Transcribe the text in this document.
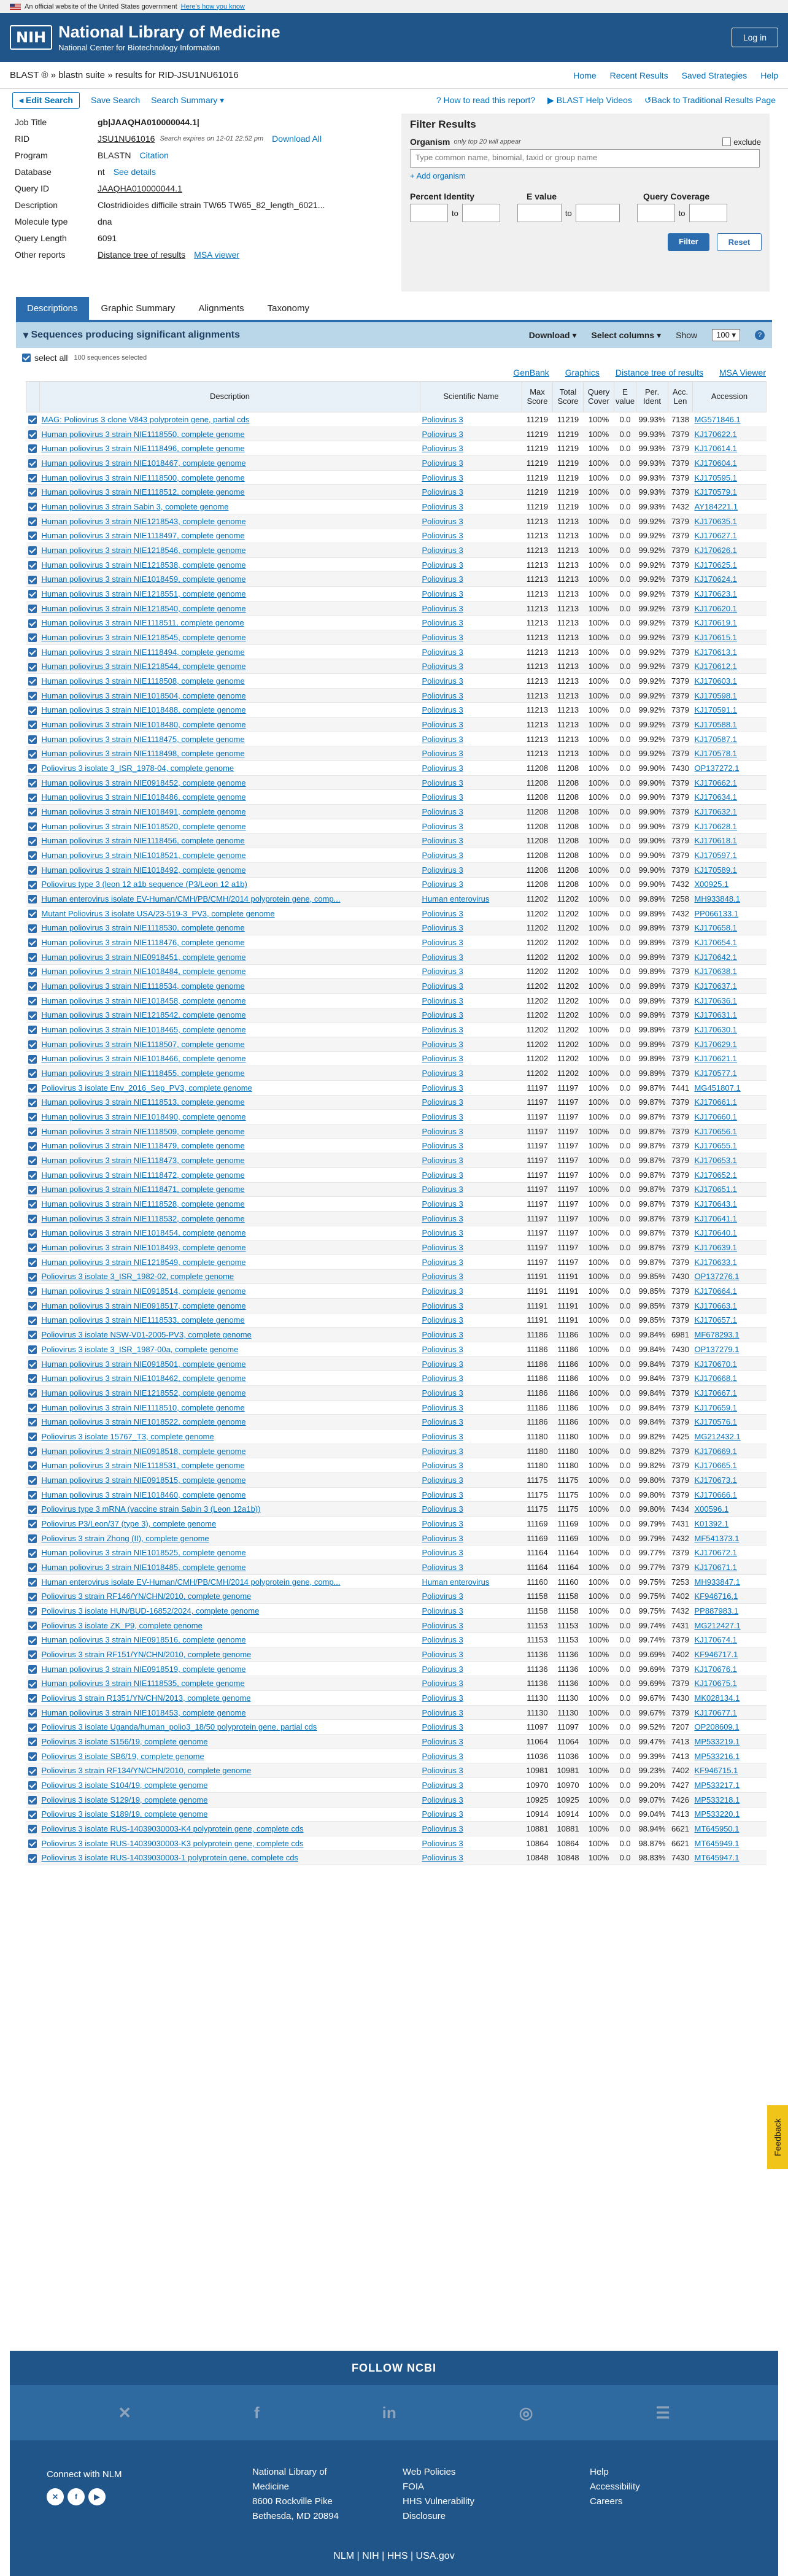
An official website of the United States government Here's how you know
NIH National Library of Medicine
National Center for Biotechnology Information
Log in
BLAST ® » blastn suite » results for RID-JSU1NU61016	Home Recent Results Saved Strategies Help
◂ Edit Search	Save Search Search Summary ▾	? How to read this report? ▶ BLAST Help Videos ↺Back to Traditional Results Page
Job Title	gb|JAAQHA010000044.1|
RID	JSU1NU61016 Search expires on 12-01 22:52 pm Download All
Program	BLASTN Citation
Database	nt See details
Query ID	JAAQHA010000044.1
Description	Clostridioides difficile strain TW65 TW65_82_length_6021...
Molecule type	dna
Query Length	6091
Other reports	Distance tree of results MSA viewer
Filter Results
Organism only top 20 will appear	exclude
Type common name, binomial, taxid or group name
+ Add organism
Percent Identity	E value	Query Coverage
to	to	to
Filter	Reset
Descriptions	Graphic Summary	Alignments	Taxonomy
▾ Sequences producing significant alignments	Download ▾ Select columns ▾ Show	100 ▾	?
select all 100 sequences selected
GenBank Graphics Distance tree of results MSA Viewer
	Description	Scientific Name	Max Score	Total Score	Query Cover	E value	Per. Ident	Acc. Len	Accession
	MAG: Poliovirus 3 clone V843 polyprotein gene, partial cds	Poliovirus 3	11219	11219	100%	0.0	99.93%	7138	MG571846.1
	Human poliovirus 3 strain NIE1118550, complete genome	Poliovirus 3	11219	11219	100%	0.0	99.93%	7379	KJ170622.1
	Human poliovirus 3 strain NIE1118496, complete genome	Poliovirus 3	11219	11219	100%	0.0	99.93%	7379	KJ170614.1
	Human poliovirus 3 strain NIE1018467, complete genome	Poliovirus 3	11219	11219	100%	0.0	99.93%	7379	KJ170604.1
	Human poliovirus 3 strain NIE1118500, complete genome	Poliovirus 3	11219	11219	100%	0.0	99.93%	7379	KJ170595.1
	Human poliovirus 3 strain NIE1118512, complete genome	Poliovirus 3	11219	11219	100%	0.0	99.93%	7379	KJ170579.1
	Human poliovirus 3 strain Sabin 3, complete genome	Poliovirus 3	11219	11219	100%	0.0	99.93%	7432	AY184221.1
	Human poliovirus 3 strain NIE1218543, complete genome	Poliovirus 3	11213	11213	100%	0.0	99.92%	7379	KJ170635.1
	Human poliovirus 3 strain NIE1118497, complete genome	Poliovirus 3	11213	11213	100%	0.0	99.92%	7379	KJ170627.1
	Human poliovirus 3 strain NIE1218546, complete genome	Poliovirus 3	11213	11213	100%	0.0	99.92%	7379	KJ170626.1
	Human poliovirus 3 strain NIE1218538, complete genome	Poliovirus 3	11213	11213	100%	0.0	99.92%	7379	KJ170625.1
	Human poliovirus 3 strain NIE1018459, complete genome	Poliovirus 3	11213	11213	100%	0.0	99.92%	7379	KJ170624.1
	Human poliovirus 3 strain NIE1218551, complete genome	Poliovirus 3	11213	11213	100%	0.0	99.92%	7379	KJ170623.1
	Human poliovirus 3 strain NIE1218540, complete genome	Poliovirus 3	11213	11213	100%	0.0	99.92%	7379	KJ170620.1
	Human poliovirus 3 strain NIE1118511, complete genome	Poliovirus 3	11213	11213	100%	0.0	99.92%	7379	KJ170619.1
	Human poliovirus 3 strain NIE1218545, complete genome	Poliovirus 3	11213	11213	100%	0.0	99.92%	7379	KJ170615.1
	Human poliovirus 3 strain NIE1118494, complete genome	Poliovirus 3	11213	11213	100%	0.0	99.92%	7379	KJ170613.1
	Human poliovirus 3 strain NIE1218544, complete genome	Poliovirus 3	11213	11213	100%	0.0	99.92%	7379	KJ170612.1
	Human poliovirus 3 strain NIE1118508, complete genome	Poliovirus 3	11213	11213	100%	0.0	99.92%	7379	KJ170603.1
	Human poliovirus 3 strain NIE1018504, complete genome	Poliovirus 3	11213	11213	100%	0.0	99.92%	7379	KJ170598.1
	Human poliovirus 3 strain NIE1018488, complete genome	Poliovirus 3	11213	11213	100%	0.0	99.92%	7379	KJ170591.1
	Human poliovirus 3 strain NIE1018480, complete genome	Poliovirus 3	11213	11213	100%	0.0	99.92%	7379	KJ170588.1
	Human poliovirus 3 strain NIE1118475, complete genome	Poliovirus 3	11213	11213	100%	0.0	99.92%	7379	KJ170587.1
	Human poliovirus 3 strain NIE1118498, complete genome	Poliovirus 3	11213	11213	100%	0.0	99.92%	7379	KJ170578.1
	Poliovirus 3 isolate 3_ISR_1978-04, complete genome	Poliovirus 3	11208	11208	100%	0.0	99.90%	7430	OP137272.1
	Human poliovirus 3 strain NIE0918452, complete genome	Poliovirus 3	11208	11208	100%	0.0	99.90%	7379	KJ170662.1
	Human poliovirus 3 strain NIE1018486, complete genome	Poliovirus 3	11208	11208	100%	0.0	99.90%	7379	KJ170634.1
	Human poliovirus 3 strain NIE1018491, complete genome	Poliovirus 3	11208	11208	100%	0.0	99.90%	7379	KJ170632.1
	Human poliovirus 3 strain NIE1018520, complete genome	Poliovirus 3	11208	11208	100%	0.0	99.90%	7379	KJ170628.1
	Human poliovirus 3 strain NIE1118456, complete genome	Poliovirus 3	11208	11208	100%	0.0	99.90%	7379	KJ170618.1
	Human poliovirus 3 strain NIE1018521, complete genome	Poliovirus 3	11208	11208	100%	0.0	99.90%	7379	KJ170597.1
	Human poliovirus 3 strain NIE1018492, complete genome	Poliovirus 3	11208	11208	100%	0.0	99.90%	7379	KJ170589.1
	Poliovirus type 3 (leon 12 a1b sequence (P3/Leon 12 a1b)	Poliovirus 3	11208	11208	100%	0.0	99.90%	7432	X00925.1
	Human enterovirus isolate EV-Human/CMH/PB/CMH/2014 polyprotein gene, comp...	Human enterovirus	11202	11202	100%	0.0	99.89%	7258	MH933848.1
	Mutant Poliovirus 3 isolate USA/23-519-3_PV3, complete genome	Poliovirus 3	11202	11202	100%	0.0	99.89%	7432	PP066133.1
	Human poliovirus 3 strain NIE1118530, complete genome	Poliovirus 3	11202	11202	100%	0.0	99.89%	7379	KJ170658.1
	Human poliovirus 3 strain NIE1118476, complete genome	Poliovirus 3	11202	11202	100%	0.0	99.89%	7379	KJ170654.1
	Human poliovirus 3 strain NIE0918451, complete genome	Poliovirus 3	11202	11202	100%	0.0	99.89%	7379	KJ170642.1
	Human poliovirus 3 strain NIE1018484, complete genome	Poliovirus 3	11202	11202	100%	0.0	99.89%	7379	KJ170638.1
	Human poliovirus 3 strain NIE1118534, complete genome	Poliovirus 3	11202	11202	100%	0.0	99.89%	7379	KJ170637.1
	Human poliovirus 3 strain NIE1018458, complete genome	Poliovirus 3	11202	11202	100%	0.0	99.89%	7379	KJ170636.1
	Human poliovirus 3 strain NIE1218542, complete genome	Poliovirus 3	11202	11202	100%	0.0	99.89%	7379	KJ170631.1
	Human poliovirus 3 strain NIE1018465, complete genome	Poliovirus 3	11202	11202	100%	0.0	99.89%	7379	KJ170630.1
	Human poliovirus 3 strain NIE1118507, complete genome	Poliovirus 3	11202	11202	100%	0.0	99.89%	7379	KJ170629.1
	Human poliovirus 3 strain NIE1018466, complete genome	Poliovirus 3	11202	11202	100%	0.0	99.89%	7379	KJ170621.1
	Human poliovirus 3 strain NIE1118455, complete genome	Poliovirus 3	11202	11202	100%	0.0	99.89%	7379	KJ170577.1
	Poliovirus 3 isolate Env_2016_Sep_PV3, complete genome	Poliovirus 3	11197	11197	100%	0.0	99.87%	7441	MG451807.1
	Human poliovirus 3 strain NIE1118513, complete genome	Poliovirus 3	11197	11197	100%	0.0	99.87%	7379	KJ170661.1
	Human poliovirus 3 strain NIE1018490, complete genome	Poliovirus 3	11197	11197	100%	0.0	99.87%	7379	KJ170660.1
	Human poliovirus 3 strain NIE1118509, complete genome	Poliovirus 3	11197	11197	100%	0.0	99.87%	7379	KJ170656.1
	Human poliovirus 3 strain NIE1118479, complete genome	Poliovirus 3	11197	11197	100%	0.0	99.87%	7379	KJ170655.1
	Human poliovirus 3 strain NIE1118473, complete genome	Poliovirus 3	11197	11197	100%	0.0	99.87%	7379	KJ170653.1
	Human poliovirus 3 strain NIE1118472, complete genome	Poliovirus 3	11197	11197	100%	0.0	99.87%	7379	KJ170652.1
	Human poliovirus 3 strain NIE1118471, complete genome	Poliovirus 3	11197	11197	100%	0.0	99.87%	7379	KJ170651.1
	Human poliovirus 3 strain NIE1118528, complete genome	Poliovirus 3	11197	11197	100%	0.0	99.87%	7379	KJ170643.1
	Human poliovirus 3 strain NIE1118532, complete genome	Poliovirus 3	11197	11197	100%	0.0	99.87%	7379	KJ170641.1
	Human poliovirus 3 strain NIE1018454, complete genome	Poliovirus 3	11197	11197	100%	0.0	99.87%	7379	KJ170640.1
	Human poliovirus 3 strain NIE1018493, complete genome	Poliovirus 3	11197	11197	100%	0.0	99.87%	7379	KJ170639.1
	Human poliovirus 3 strain NIE1218549, complete genome	Poliovirus 3	11197	11197	100%	0.0	99.87%	7379	KJ170633.1
	Poliovirus 3 isolate 3_ISR_1982-02, complete genome	Poliovirus 3	11191	11191	100%	0.0	99.85%	7430	OP137276.1
	Human poliovirus 3 strain NIE0918514, complete genome	Poliovirus 3	11191	11191	100%	0.0	99.85%	7379	KJ170664.1
	Human poliovirus 3 strain NIE0918517, complete genome	Poliovirus 3	11191	11191	100%	0.0	99.85%	7379	KJ170663.1
	Human poliovirus 3 strain NIE1118533, complete genome	Poliovirus 3	11191	11191	100%	0.0	99.85%	7379	KJ170657.1
	Poliovirus 3 isolate NSW-V01-2005-PV3, complete genome	Poliovirus 3	11186	11186	100%	0.0	99.84%	6981	MF678293.1
	Poliovirus 3 isolate 3_ISR_1987-00a, complete genome	Poliovirus 3	11186	11186	100%	0.0	99.84%	7430	OP137279.1
	Human poliovirus 3 strain NIE0918501, complete genome	Poliovirus 3	11186	11186	100%	0.0	99.84%	7379	KJ170670.1
	Human poliovirus 3 strain NIE1018462, complete genome	Poliovirus 3	11186	11186	100%	0.0	99.84%	7379	KJ170668.1
	Human poliovirus 3 strain NIE1218552, complete genome	Poliovirus 3	11186	11186	100%	0.0	99.84%	7379	KJ170667.1
	Human poliovirus 3 strain NIE1118510, complete genome	Poliovirus 3	11186	11186	100%	0.0	99.84%	7379	KJ170659.1
	Human poliovirus 3 strain NIE1018522, complete genome	Poliovirus 3	11186	11186	100%	0.0	99.84%	7379	KJ170576.1
	Poliovirus 3 isolate 15767_T3, complete genome	Poliovirus 3	11180	11180	100%	0.0	99.82%	7425	MG212432.1
	Human poliovirus 3 strain NIE0918518, complete genome	Poliovirus 3	11180	11180	100%	0.0	99.82%	7379	KJ170669.1
	Human poliovirus 3 strain NIE1118531, complete genome	Poliovirus 3	11180	11180	100%	0.0	99.82%	7379	KJ170665.1
	Human poliovirus 3 strain NIE0918515, complete genome	Poliovirus 3	11175	11175	100%	0.0	99.80%	7379	KJ170673.1
	Human poliovirus 3 strain NIE1018460, complete genome	Poliovirus 3	11175	11175	100%	0.0	99.80%	7379	KJ170666.1
	Poliovirus type 3 mRNA (vaccine strain Sabin 3 (Leon 12a1b))	Poliovirus 3	11175	11175	100%	0.0	99.80%	7434	X00596.1
	Poliovirus P3/Leon/37 (type 3), complete genome	Poliovirus 3	11169	11169	100%	0.0	99.79%	7431	K01392.1
	Poliovirus 3 strain Zhong (II), complete genome	Poliovirus 3	11169	11169	100%	0.0	99.79%	7432	MF541373.1
	Human poliovirus 3 strain NIE1018525, complete genome	Poliovirus 3	11164	11164	100%	0.0	99.77%	7379	KJ170672.1
	Human poliovirus 3 strain NIE1018485, complete genome	Poliovirus 3	11164	11164	100%	0.0	99.77%	7379	KJ170671.1
	Human enterovirus isolate EV-Human/CMH/PB/CMH/2014 polyprotein gene, comp...	Human enterovirus	11160	11160	100%	0.0	99.75%	7253	MH933847.1
	Poliovirus 3 strain RF146/YN/CHN/2010, complete genome	Poliovirus 3	11158	11158	100%	0.0	99.75%	7402	KF946716.1
	Poliovirus 3 isolate HUN/BUD-16852/2024, complete genome	Poliovirus 3	11158	11158	100%	0.0	99.75%	7432	PP887983.1
	Poliovirus 3 isolate ZK_P9, complete genome	Poliovirus 3	11153	11153	100%	0.0	99.74%	7431	MG212427.1
	Human poliovirus 3 strain NIE0918516, complete genome	Poliovirus 3	11153	11153	100%	0.0	99.74%	7379	KJ170674.1
	Poliovirus 3 strain RF151/YN/CHN/2010, complete genome	Poliovirus 3	11136	11136	100%	0.0	99.69%	7402	KF946717.1
	Human poliovirus 3 strain NIE0918519, complete genome	Poliovirus 3	11136	11136	100%	0.0	99.69%	7379	KJ170676.1
	Human poliovirus 3 strain NIE1118535, complete genome	Poliovirus 3	11136	11136	100%	0.0	99.69%	7379	KJ170675.1
	Poliovirus 3 strain R1351/YN/CHN/2013, complete genome	Poliovirus 3	11130	11130	100%	0.0	99.67%	7430	MK028134.1
	Human poliovirus 3 strain NIE1018453, complete genome	Poliovirus 3	11130	11130	100%	0.0	99.67%	7379	KJ170677.1
	Poliovirus 3 isolate Uganda/human_polio3_18/50 polyprotein gene, partial cds	Poliovirus 3	11097	11097	100%	0.0	99.52%	7207	OP208609.1
	Poliovirus 3 isolate S156/19, complete genome	Poliovirus 3	11064	11064	100%	0.0	99.47%	7413	MP533219.1
	Poliovirus 3 isolate SB6/19, complete genome	Poliovirus 3	11036	11036	100%	0.0	99.39%	7413	MP533216.1
	Poliovirus 3 strain RF134/YN/CHN/2010, complete genome	Poliovirus 3	10981	10981	100%	0.0	99.23%	7402	KF946715.1
	Poliovirus 3 isolate S104/19, complete genome	Poliovirus 3	10970	10970	100%	0.0	99.20%	7427	MP533217.1
	Poliovirus 3 isolate S129/19, complete genome	Poliovirus 3	10925	10925	100%	0.0	99.07%	7426	MP533218.1
	Poliovirus 3 isolate S189/19, complete genome	Poliovirus 3	10914	10914	100%	0.0	99.04%	7413	MP533220.1
	Poliovirus 3 isolate RUS-14039030003-K4 polyprotein gene, complete cds	Poliovirus 3	10881	10881	100%	0.0	98.94%	6621	MT645950.1
	Poliovirus 3 isolate RUS-14039030003-K3 polyprotein gene, complete cds	Poliovirus 3	10864	10864	100%	0.0	98.87%	6621	MT645949.1
	Poliovirus 3 isolate RUS-14039030003-1 polyprotein gene, complete cds	Poliovirus 3	10848	10848	100%	0.0	98.83%	7430	MT645947.1
Feedback
FOLLOW NCBI
✕	f	in	◎	☰
Connect with NLM
✕ f ▶
National Library of
Medicine
8600 Rockville Pike
Bethesda, MD 20894
Web Policies
FOIA
HHS Vulnerability
Disclosure
Help
Accessibility
Careers
NLM | NIH | HHS | USA.gov
